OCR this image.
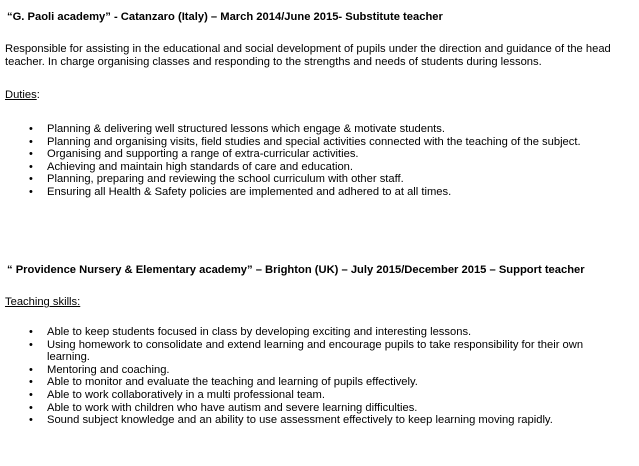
“G. Paoli academy” - Catanzaro (Italy) – March 2014/June 2015- Substitute teacher
Responsible for assisting in the educational and social development of pupils under the direction and guidance of the head teacher. In charge organising classes and responding to the strengths and needs of students during lessons.
Duties:
• Planning & delivering well structured lessons which engage & motivate students.
• Planning and organising visits, field studies and special activities connected with the teaching of the subject.
• Organising and supporting a range of extra-curricular activities.
• Achieving and maintain high standards of care and education.
• Planning, preparing and reviewing the school curriculum with other staff.
• Ensuring all Health & Safety policies are implemented and adhered to at all times.
“ Providence Nursery & Elementary academy” – Brighton (UK) – July 2015/December 2015 – Support teacher
Teaching skills:
• Able to keep students focused in class by developing exciting and interesting lessons.
• Using homework to consolidate and extend learning and encourage pupils to take responsibility for their own learning.
• Mentoring and coaching.
• Able to monitor and evaluate the teaching and learning of pupils effectively.
• Able to work collaboratively in a multi professional team.
• Able to work with children who have autism and severe learning difficulties.
• Sound subject knowledge and an ability to use assessment effectively to keep learning moving rapidly.
